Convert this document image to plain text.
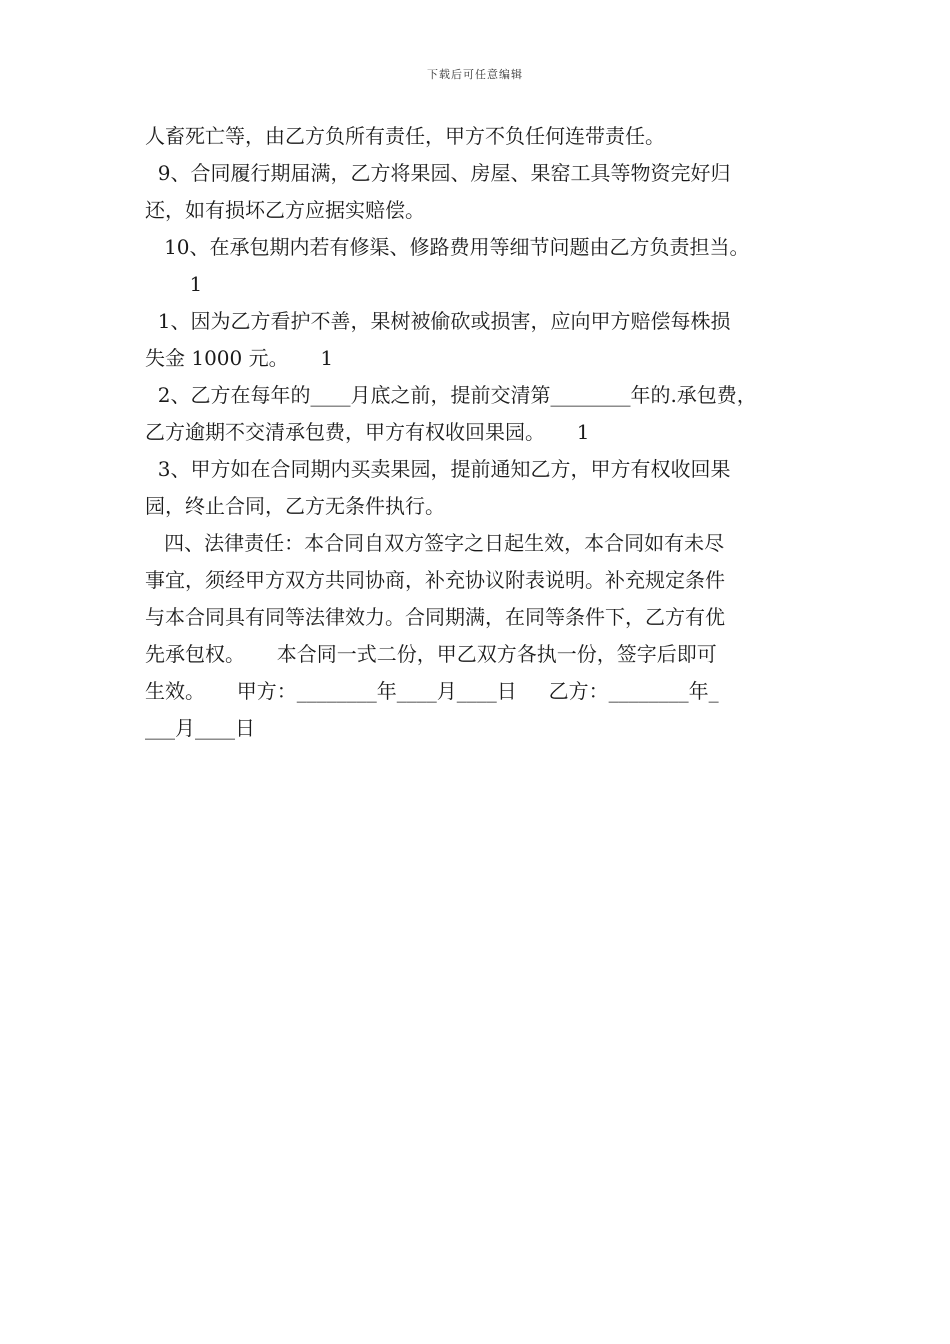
下载后可任意编辑
人畜死亡等，由乙方负所有责任，甲方不负任何连带责任。
9、合同履行期届满，乙方将果园、房屋、果窑工具等物资完好归
还，如有损坏乙方应据实赔偿。
10、在承包期内若有修渠、修路费用等细节问题由乙方负责担当。
1
1、因为乙方看护不善，果树被偷砍或损害，应向甲方赔偿每株损
失金 1000 元。     1
2、乙方在每年的____月底之前，提前交清第________年的.承包费，
乙方逾期不交清承包费，甲方有权收回果园。     1
3、甲方如在合同期内买卖果园，提前通知乙方，甲方有权收回果
园，终止合同，乙方无条件执行。
四、法律责任：本合同自双方签字之日起生效，本合同如有未尽
事宜，须经甲方双方共同协商，补充协议附表说明。补充规定条件
与本合同具有同等法律效力。合同期满，在同等条件下，乙方有优
先承包权。     本合同一式二份，甲乙双方各执一份，签字后即可
生效。     甲方：________年____月____日     乙方：________年_
___月____日
